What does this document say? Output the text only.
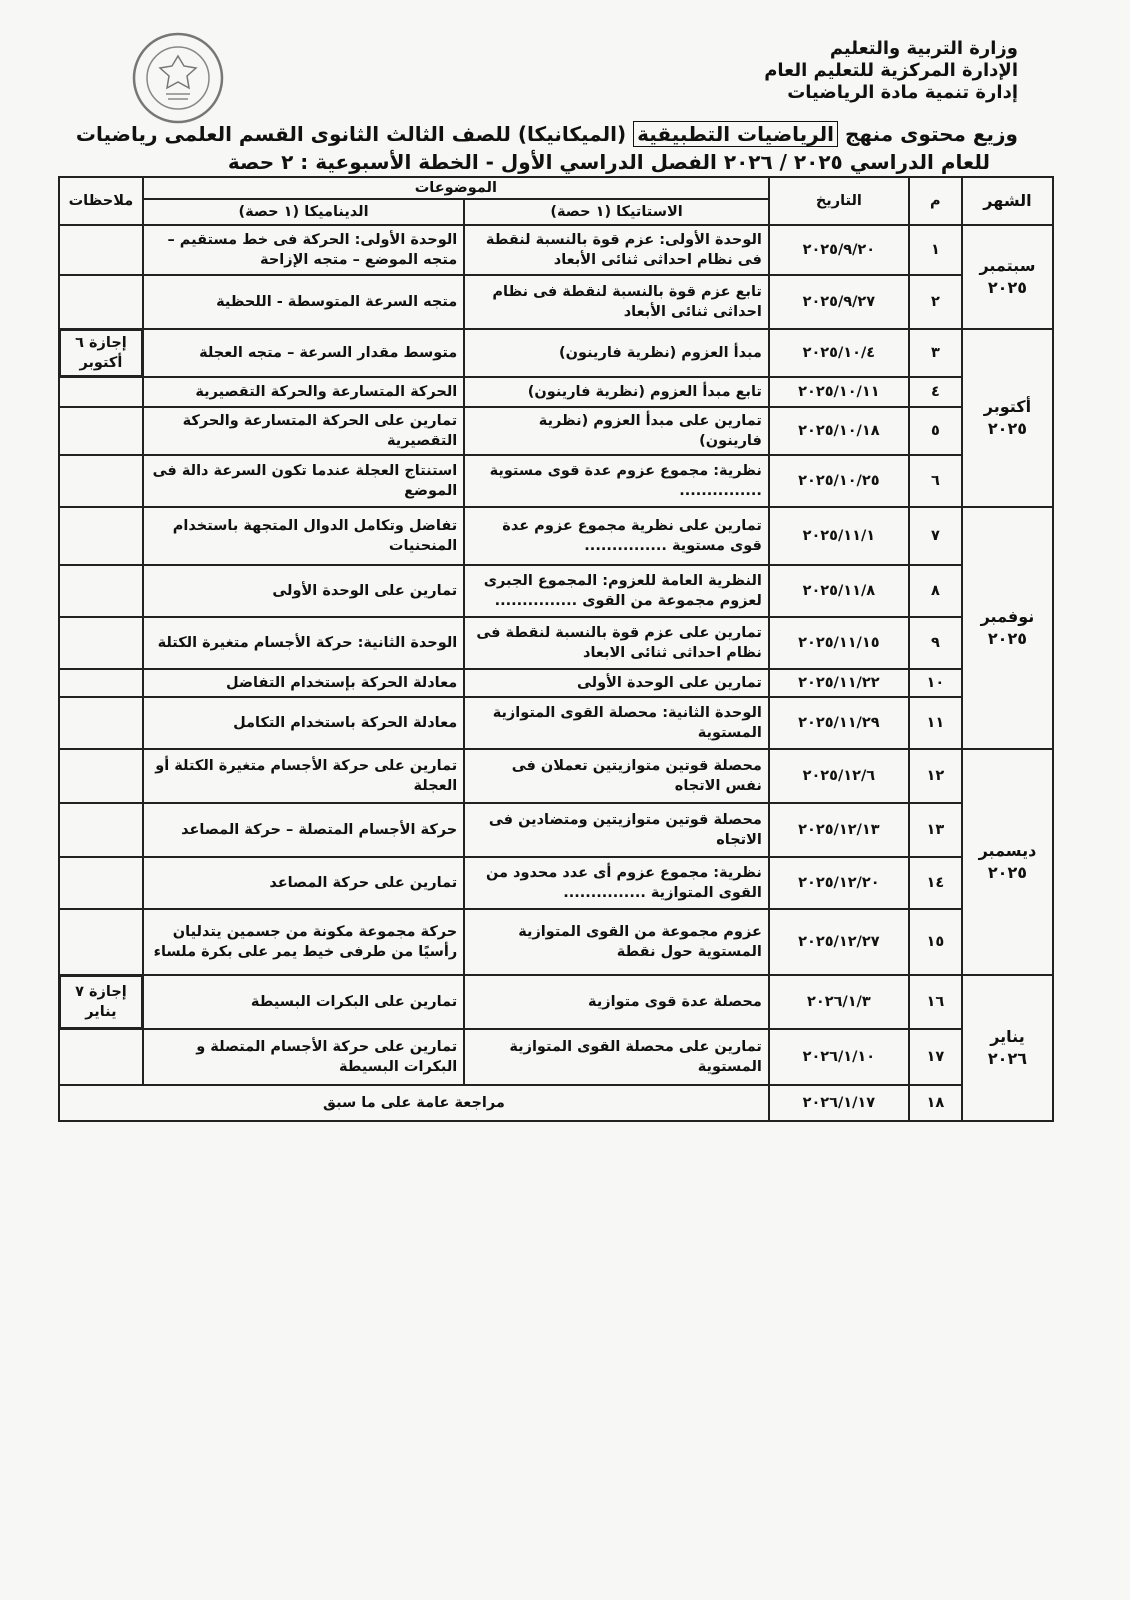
وزارة التربية والتعليم
الإدارة المركزية للتعليم العام
إدارة تنمية مادة الرياضيات
وزيع محتوى منهج الرياضيات التطبيقية (الميكانيكا) للصف الثالث الثانوى القسم العلمى رياضيات
للعام الدراسي ٢٠٢٥ / ٢٠٢٦ الفصل الدراسي الأول - الخطة الأسبوعية : ٢ حصة
الشهر	م	التاريخ	الموضوعات		ملاحظات
			الاستاتيكا (١ حصة)	الديناميكا (١ حصة)	
سبتمبر ٢٠٢٥	١	٢٠٢٥/٩/٢٠	الوحدة الأولى: عزم قوة بالنسبة لنقطة فى نظام احداثى ثنائى الأبعاد	الوحدة الأولى: الحركة فى خط مستقيم – متجه الموضع – متجه الإزاحة	
	٢	٢٠٢٥/٩/٢٧	تابع عزم قوة بالنسبة لنقطة فى نظام احداثى ثنائى الأبعاد	متجه السرعة المتوسطة - اللحظية	
أكتوبر ٢٠٢٥	٣	٢٠٢٥/١٠/٤	مبدأ العزوم (نظرية فارينون)	متوسط مقدار السرعة – متجه العجلة	إجازة ٦ أكتوبر
	٤	٢٠٢٥/١٠/١١	تابع مبدأ العزوم (نظرية فارينون)	الحركة المتسارعة والحركة التقصيرية	
	٥	٢٠٢٥/١٠/١٨	تمارين على مبدأ العزوم (نظرية فارينون)	تمارين على الحركة المتسارعة والحركة التقصيرية	
	٦	٢٠٢٥/١٠/٢٥	نظرية: مجموع عزوم عدة قوى مستوية ...............	استنتاج العجلة عندما تكون السرعة دالة فى الموضع	
نوفمبر ٢٠٢٥	٧	٢٠٢٥/١١/١	تمارين على نظرية مجموع عزوم عدة قوى مستوية ...............	تفاضل وتكامل الدوال المتجهة باستخدام المنحنيات	
	٨	٢٠٢٥/١١/٨	النظرية العامة للعزوم: المجموع الجبرى لعزوم مجموعة من القوى ...............	تمارين على الوحدة الأولى	
	٩	٢٠٢٥/١١/١٥	تمارين على عزم قوة بالنسبة لنقطة فى نظام احداثى ثنائى الابعاد	الوحدة الثانية: حركة الأجسام متغيرة الكتلة	
	١٠	٢٠٢٥/١١/٢٢	تمارين على الوحدة الأولى	معادلة الحركة بإستخدام التفاضل	
	١١	٢٠٢٥/١١/٢٩	الوحدة الثانية: محصلة القوى المتوازية المستوية	معادلة الحركة باستخدام التكامل	
ديسمبر ٢٠٢٥	١٢	٢٠٢٥/١٢/٦	محصلة قوتين متوازيتين تعملان فى نفس الاتجاه	تمارين على حركة الأجسام متغيرة الكتلة أو العجلة	
	١٣	٢٠٢٥/١٢/١٣	محصلة قوتين متوازيتين ومتضادين فى الاتجاه	حركة الأجسام المتصلة – حركة المصاعد	
	١٤	٢٠٢٥/١٢/٢٠	نظرية: مجموع عزوم أى عدد محدود من القوى المتوازية ...............	تمارين على حركة المصاعد	
	١٥	٢٠٢٥/١٢/٢٧	عزوم مجموعة من القوى المتوازية المستوية حول نقطة	حركة مجموعة مكونة من جسمين يتدليان رأسيًا من طرفى خيط يمر على بكرة ملساء	
يناير ٢٠٢٦	١٦	٢٠٢٦/١/٣	محصلة عدة قوى متوازية	تمارين على البكرات البسيطة	إجازة ٧ يناير
	١٧	٢٠٢٦/١/١٠	تمارين على محصلة القوى المتوازية المستوية	تمارين على حركة الأجسام المتصلة و البكرات البسيطة	
	١٨	٢٠٢٦/١/١٧	مراجعة عامة على ما سبق		
